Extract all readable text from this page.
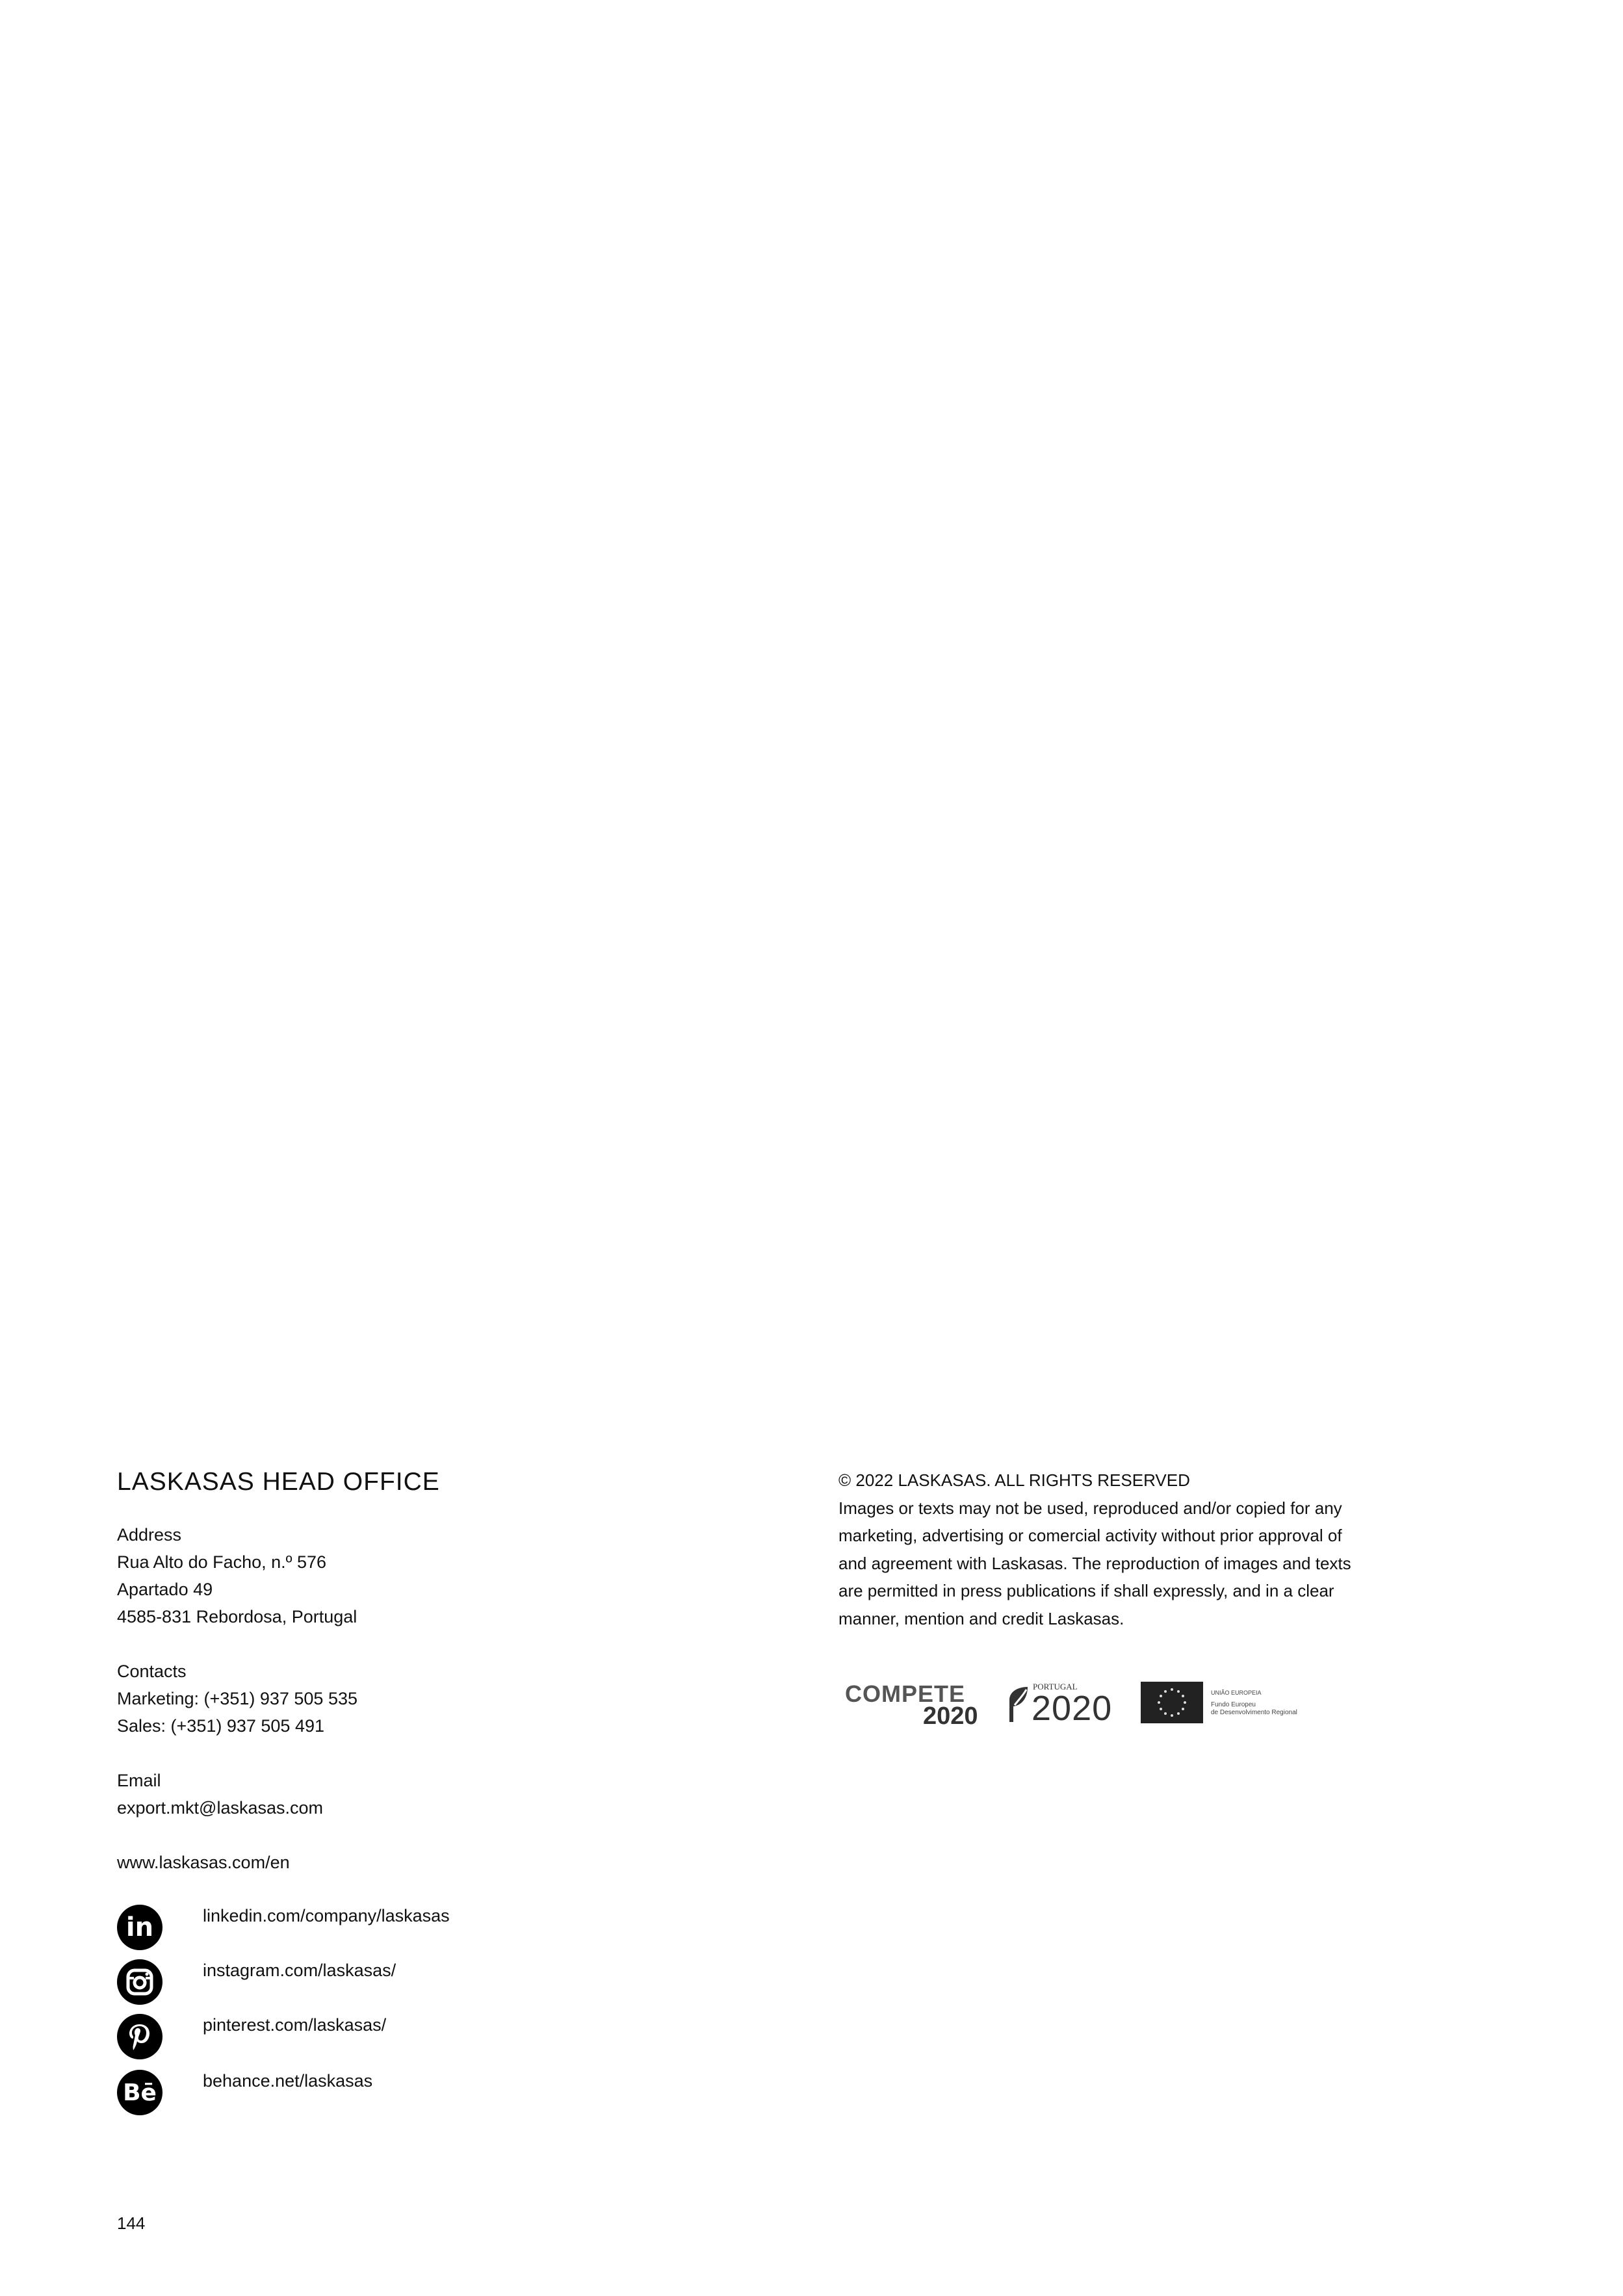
LASKASAS HEAD OFFICE
Address
Rua Alto do Facho, n.º 576
Apartado 49
4585-831 Rebordosa, Portugal
Contacts
Marketing: (+351) 937 505 535
Sales: (+351) 937 505 491
Email
export.mkt@laskasas.com
www.laskasas.com/en
in	linkedin.com/company/laskasas
instagram.com/laskasas/
pinterest.com/laskasas/
Bē	behance.net/laskasas

© 2022 LASKASAS. ALL RIGHTS RESERVED

Images or texts may not be used, reproduced and/or copied for any

marketing, advertising or comercial activity without prior approval of

and agreement with Laskasas. The reproduction of images and texts

are permitted in press publications if shall expressly, and in a clear

manner, mention and credit Laskasas.

COMPETE
2020
PORTUGAL
2020	UNIÃO EUROPEIA
Fundo Europeu
de Desenvolvimento Regional
144
